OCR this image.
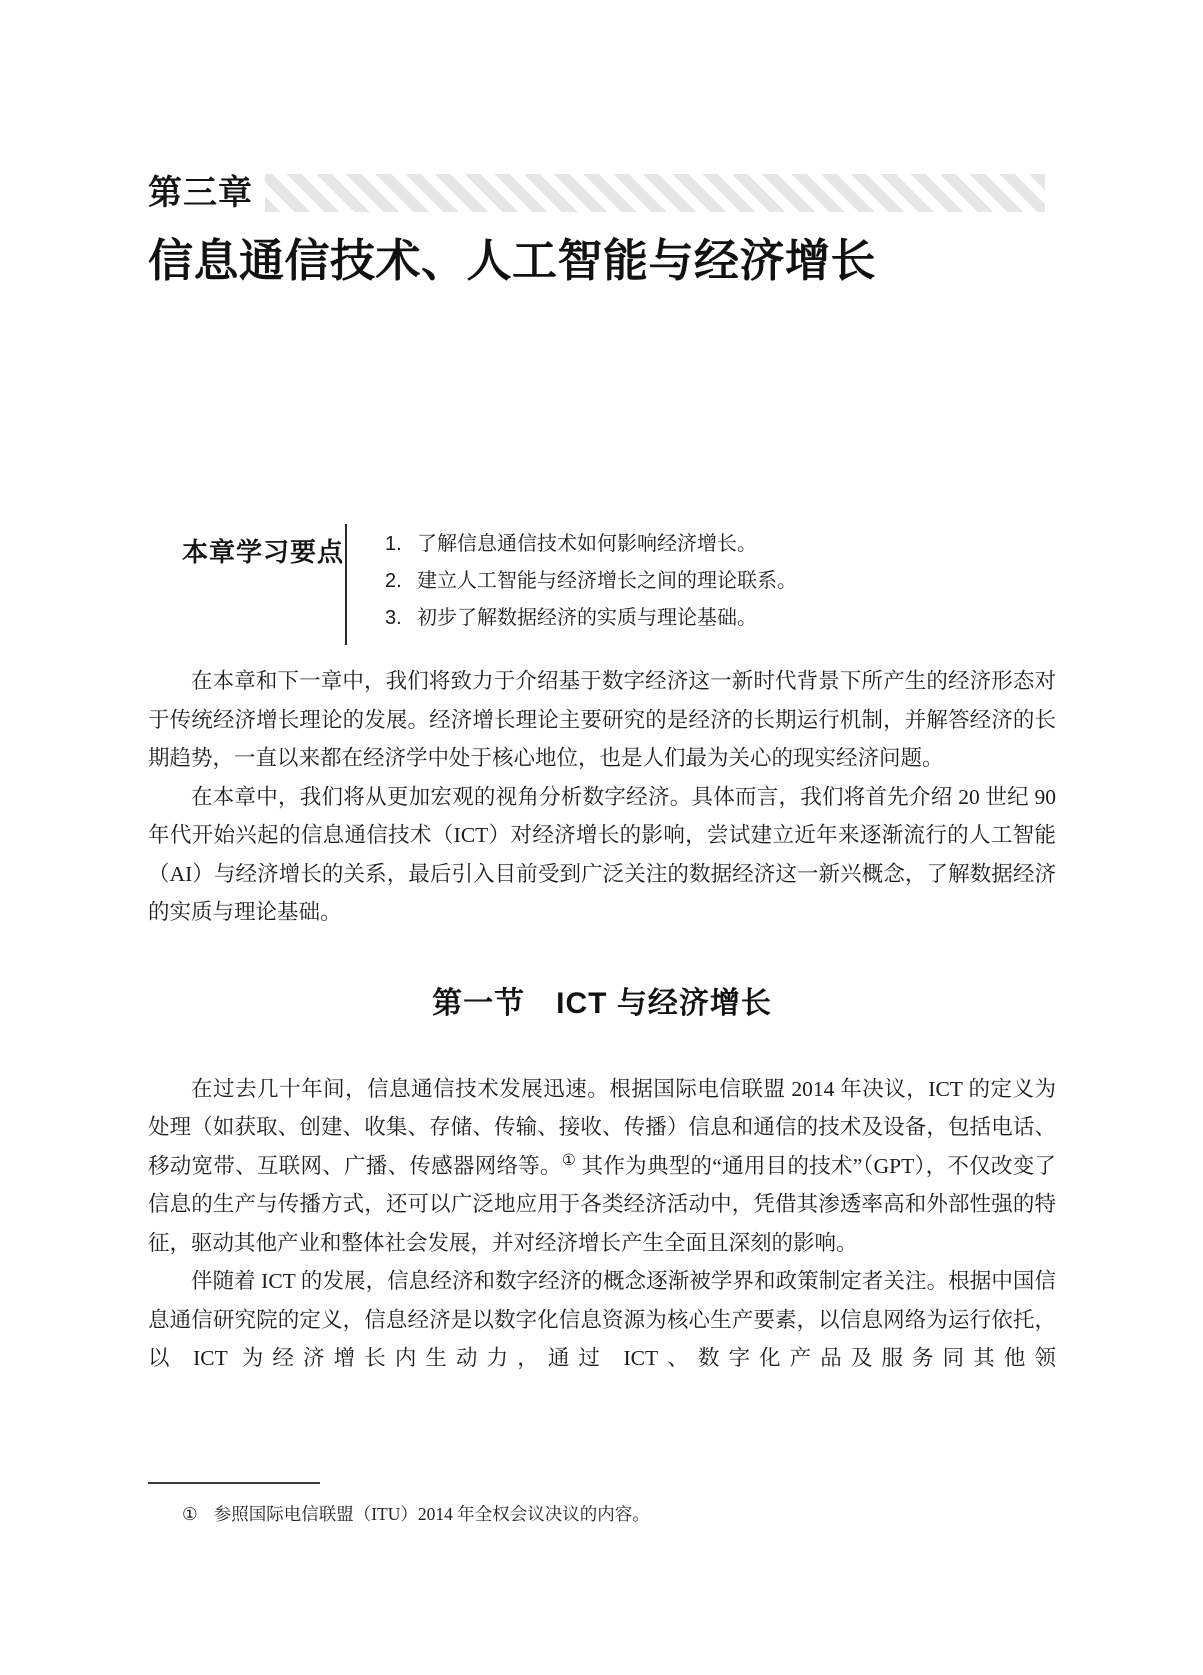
第三章
信息通信技术、人工智能与经济增长
本章学习要点 1. 了解信息通信技术如何影响经济增长。
2. 建立人工智能与经济增长之间的理论联系。
3. 初步了解数据经济的实质与理论基础。

在本章和下一章中，我们将致力于介绍基于数字经济这一新时代背景下所产生的经济形态对于传统经济增长理论的发展。经济增长理论主要研究的是经济的长期运行机制，并解答经济的长期趋势，一直以来都在经济学中处于核心地位，也是人们最为关心的现实经济问题。

在本章中，我们将从更加宏观的视角分析数字经济。具体而言，我们将首先介绍 20 世纪 90 年代开始兴起的信息通信技术（ICT）对经济增长的影响，尝试建立近年来逐渐流行的人工智能（AI）与经济增长的关系，最后引入目前受到广泛关注的数据经济这一新兴概念，了解数据经济的实质与理论基础。

第一节　ICT 与经济增长

在过去几十年间，信息通信技术发展迅速。根据国际电信联盟 2014 年决议，ICT 的定义为处理（如获取、创建、收集、存储、传输、接收、传播）信息和通信的技术及设备，包括电话、移动宽带、互联网、广播、传感器网络等。① 其作为典型的“通用目的技术”（GPT），不仅改变了信息的生产与传播方式，还可以广泛地应用于各类经济活动中，凭借其渗透率高和外部性强的特征，驱动其他产业和整体社会发展，并对经济增长产生全面且深刻的影响。

伴随着 ICT 的发展，信息经济和数字经济的概念逐渐被学界和政策制定者关注。根据中国信息通信研究院的定义，信息经济是以数字化信息资源为核心生产要素，以信息网络为运行依托，以 ICT 为经济增长内生动力，通过 ICT、数字化产品及服务同其他领

① 参照国际电信联盟（ITU）2014 年全权会议决议的内容。
